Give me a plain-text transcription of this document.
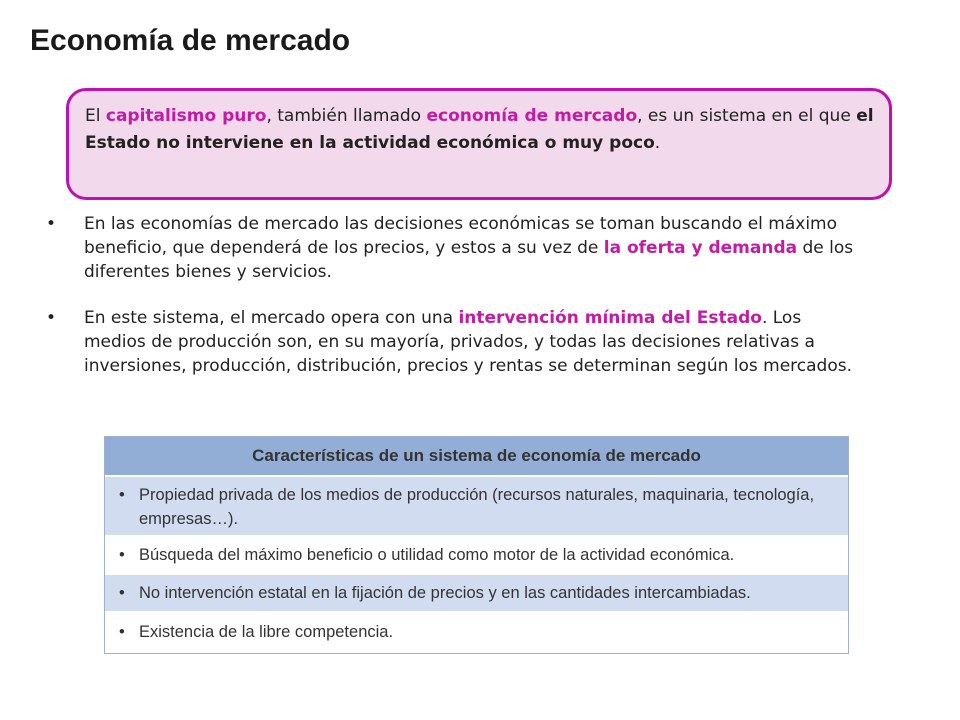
Economía de mercado
El capitalismo puro, también llamado economía de mercado, es un sistema en el que el Estado no interviene en la actividad económica o muy poco.
• En las economías de mercado las decisiones económicas se toman buscando el máximo beneficio, que dependerá de los precios, y estos a su vez de la oferta y demanda de los diferentes bienes y servicios.
• En este sistema, el mercado opera con una intervención mínima del Estado. Los medios de producción son, en su mayoría, privados, y todas las decisiones relativas a inversiones, producción, distribución, precios y rentas se determinan según los mercados.
Características de un sistema de economía de mercado
• Propiedad privada de los medios de producción (recursos naturales, maquinaria, tecnología, empresas…).
• Búsqueda del máximo beneficio o utilidad como motor de la actividad económica.
• No intervención estatal en la fijación de precios y en las cantidades intercambiadas.
• Existencia de la libre competencia.
